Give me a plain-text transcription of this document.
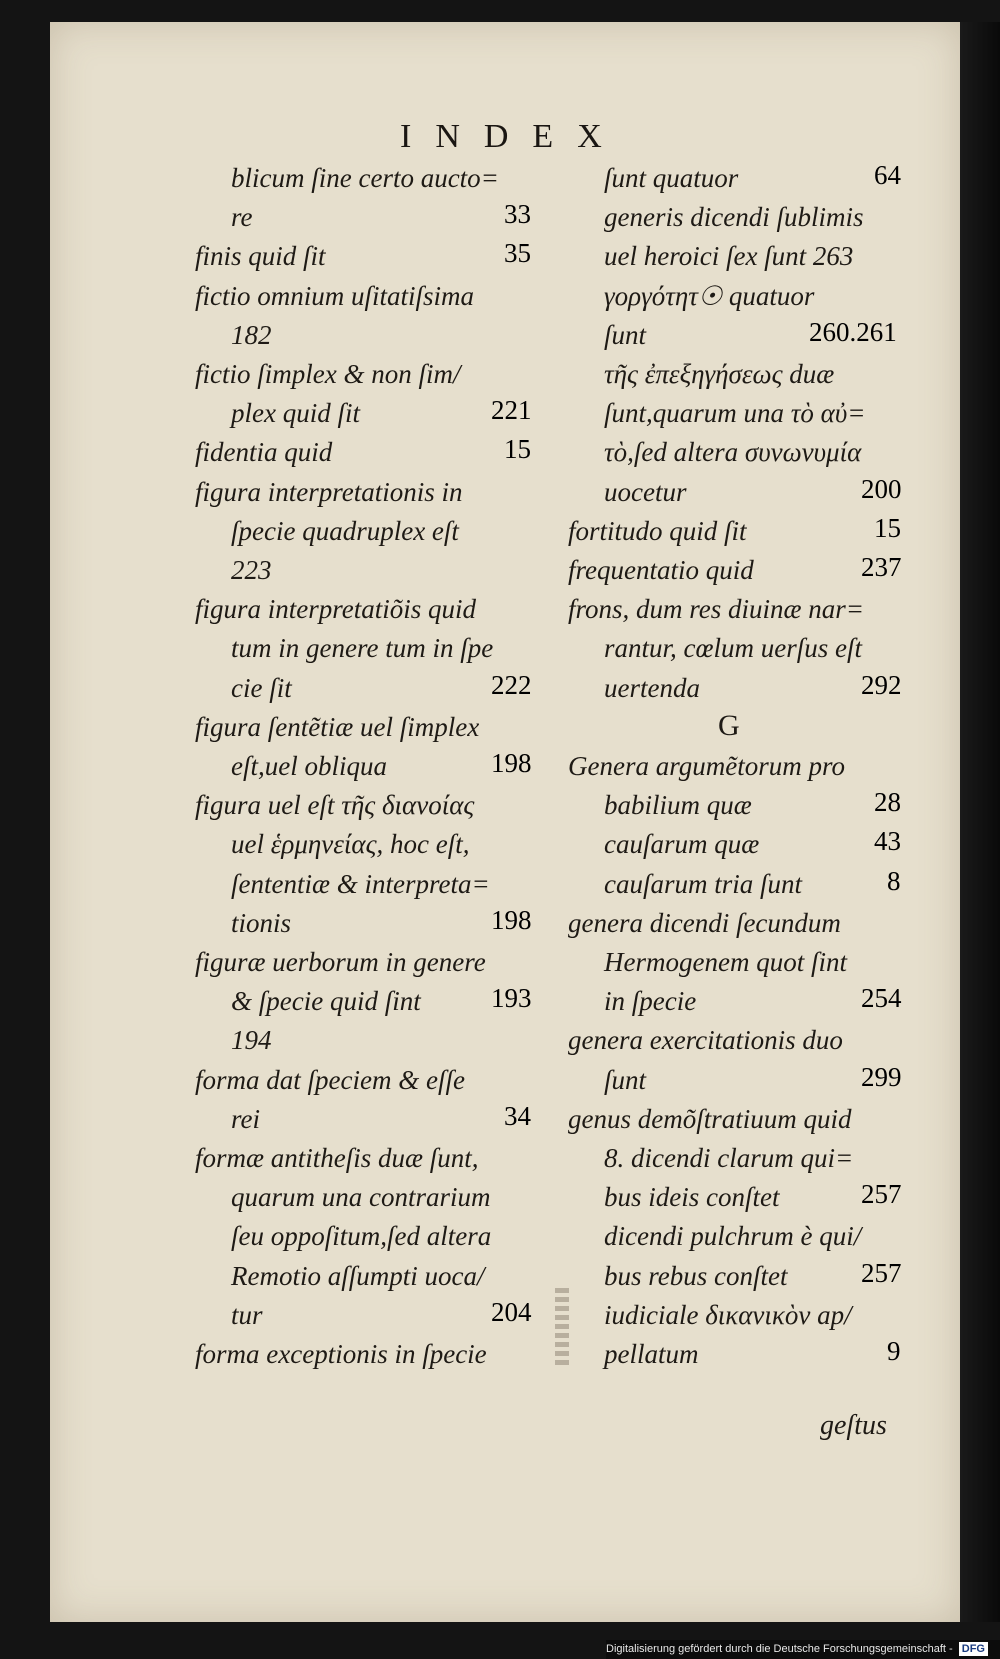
INDEX
geſtus
Digitalisierung gefördert durch die Deutsche Forschungsgemeinschaft - DFG
blicum ſine certo aucto=
re	33
finis quid ſit	35
fictio omnium uſitatiſsima
182
fictio ſimplex & non ſim/
plex quid ſit	221
fidentia quid	15
figura interpretationis in
ſpecie quadruplex eſt
223
figura interpretatiõis quid
tum in genere tum in ſpe
cie ſit	222
figura ſentẽtiæ uel ſimplex
eſt,uel obliqua	198
figura uel eſt τῆς διανοίας
uel ἑρμηνείας, hoc eſt,
ſententiæ & interpreta=
tionis	198
figuræ uerborum in genere
& ſpecie quid ſint	193
194
forma dat ſpeciem & eſſe
rei	34
formæ antitheſis duæ ſunt,
quarum una contrarium
ſeu oppoſitum,ſed altera
Remotio aſſumpti uoca/
tur	204
forma exceptionis in ſpecie
ſunt quatuor	64
generis dicendi ſublimis
uel heroici ſex ſunt 263
γοργότητ☉ quatuor
ſunt	260.261
τῆς ἐπεξηγήσεως duæ
ſunt,quarum una τὸ αὐ=
τὸ,ſed altera συνωνυμία
uocetur	200
fortitudo quid ſit	15
frequentatio quid	237
frons, dum res diuinæ nar=
rantur, cœlum uerſus eſt
uertenda	292
G
Genera argumẽtorum pro
babilium quæ	28
cauſarum quæ	43
cauſarum tria ſunt	8
genera dicendi ſecundum
Hermogenem quot ſint
in ſpecie	254
genera exercitationis duo
ſunt	299
genus demõſtratiuum quid
8. dicendi clarum qui=
bus ideis conſtet	257
dicendi pulchrum è qui/
bus rebus conſtet	257
iudiciale δικανικὸν ap/
pellatum	9
